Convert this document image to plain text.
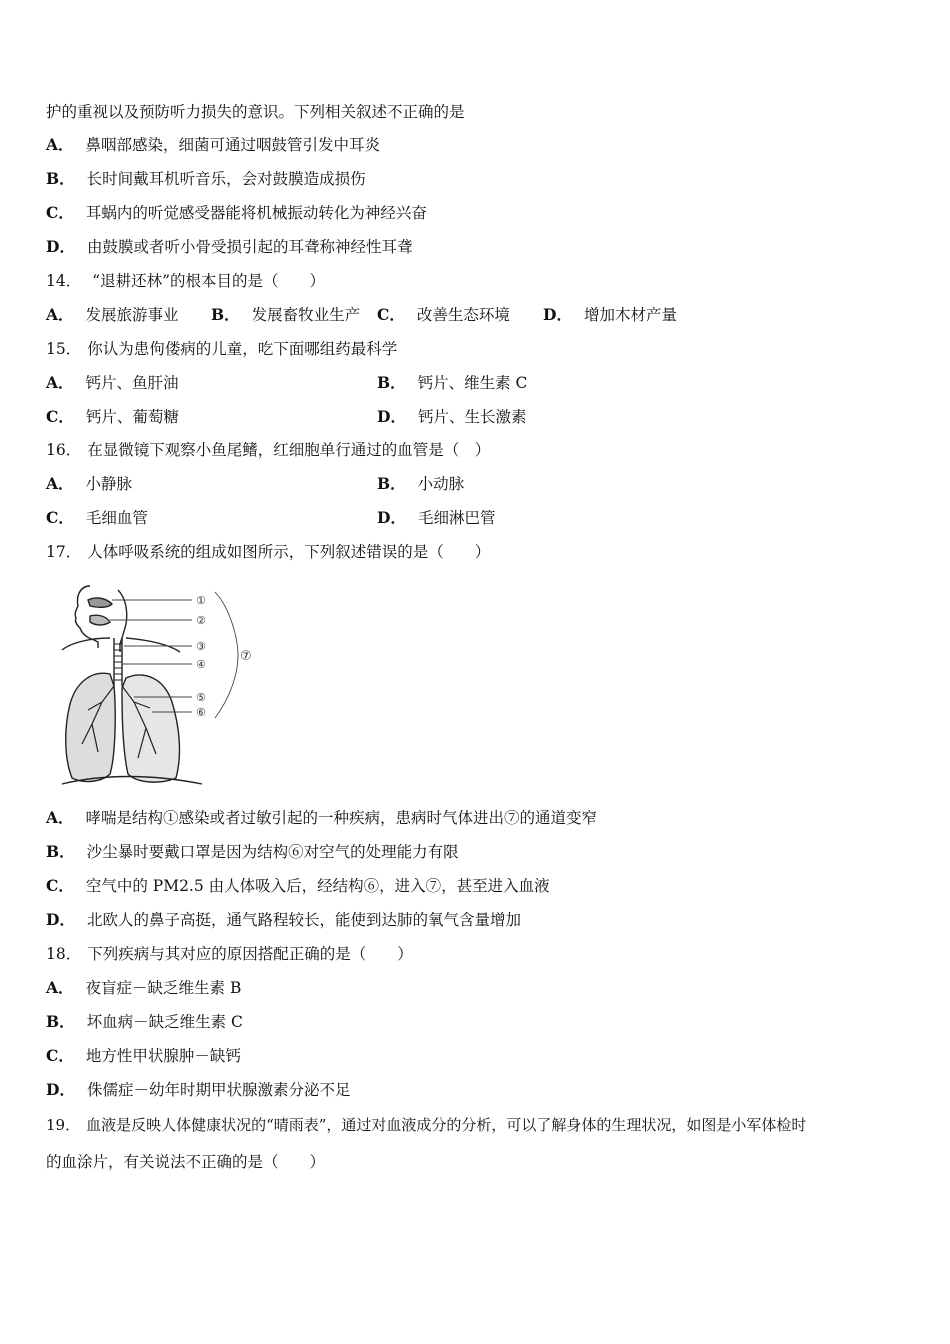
护的重视以及预防听力损失的意识。下列相关叙述不正确的是
A． 鼻咽部感染，细菌可通过咽鼓管引发中耳炎
B． 长时间戴耳机听音乐，会对鼓膜造成损伤
C． 耳蜗内的听觉感受器能将机械振动转化为神经兴奋
D． 由鼓膜或者听小骨受损引起的耳聋称神经性耳聋
14． “退耕还林”的根本目的是（　　）
A． 发展旅游事业 B． 发展畜牧业生产 C． 改善生态环境 D． 增加木材产量
15． 你认为患佝偻病的儿童，吃下面哪组药最科学
A． 钙片、鱼肝油	B． 钙片、维生素 C
C． 钙片、葡萄糖	D． 钙片、生长激素
16． 在显微镜下观察小鱼尾鳍，红细胞单行通过的血管是（　）
A． 小静脉	B． 小动脉
C． 毛细血管	D． 毛细淋巴管
17． 人体呼吸系统的组成如图所示，下列叙述错误的是（　　）
①
②
③
④
⑤
⑥
⑦
A． 哮喘是结构①感染或者过敏引起的一种疾病，患病时气体进出⑦的通道变窄
B． 沙尘暴时要戴口罩是因为结构⑥对空气的处理能力有限
C． 空气中的 PM2.5 由人体吸入后，经结构⑥，进入⑦，甚至进入血液
D． 北欧人的鼻子高挺，通气路程较长，能使到达肺的氧气含量增加
18． 下列疾病与其对应的原因搭配正确的是（　　）
A． 夜盲症－缺乏维生素 B
B． 坏血病－缺乏维生素 C
C． 地方性甲状腺肿－缺钙
D． 侏儒症－幼年时期甲状腺激素分泌不足
19． 血液是反映人体健康状况的“晴雨表”，通过对血液成分的分析，可以了解身体的生理状况，如图是小军体检时
的血涂片，有关说法不正确的是（　　）
